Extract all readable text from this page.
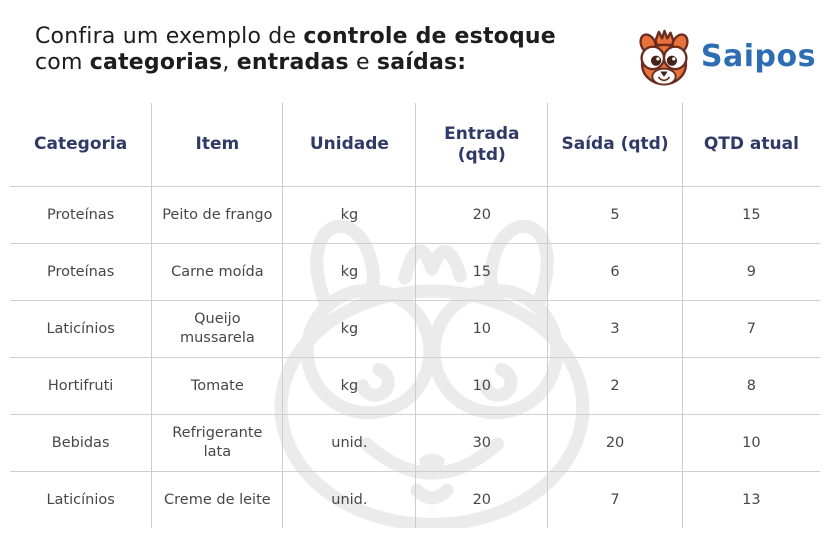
Confira um exemplo de controle de estoque
com categorias, entradas e saídas:	Saipos
Categoria	Item	Unidade	Entrada (qtd)	Saída (qtd)	QTD atual
Proteínas	Peito de frango	kg	20	5	15
Proteínas	Carne moída	kg	15	6	9
Laticínios	Queijo mussarela	kg	10	3	7
Hortifruti	Tomate	kg	10	2	8
Bebidas	Refrigerante lata	unid.	30	20	10
Laticínios	Creme de leite	unid.	20	7	13
